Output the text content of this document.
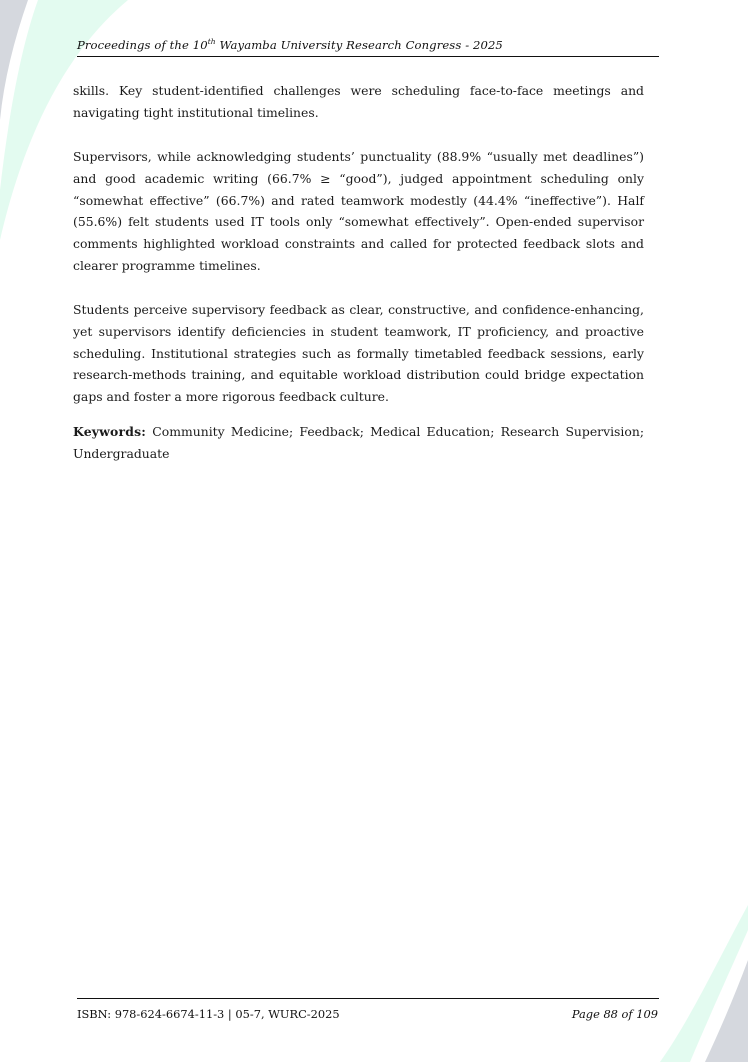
Proceedings of the 10th Wayamba University Research Congress - 2025

skills. Key student-identified challenges were scheduling face-to-face meetings and navigating tight institutional timelines.

Supervisors, while acknowledging students’ punctuality (88.9% “usually met deadlines”) and good academic writing (66.7% ≥ “good”), judged appointment scheduling only “somewhat effective” (66.7%) and rated teamwork modestly (44.4% “ineffective”). Half (55.6%) felt students used IT tools only “somewhat effectively”. Open-ended supervisor comments highlighted workload constraints and called for protected feedback slots and clearer programme timelines.

Students perceive supervisory feedback as clear, constructive, and confidence-enhancing, yet supervisors identify deficiencies in student teamwork, IT proficiency, and proactive scheduling. Institutional strategies such as formally timetabled feedback sessions, early research-methods training, and equitable workload distribution could bridge expectation gaps and foster a more rigorous feedback culture.

Keywords: Community Medicine; Feedback; Medical Education; Research Supervision; Undergraduate

ISBN: 978-624-6674-11-3 | 05-7, WURC-2025	Page 88 of 109
